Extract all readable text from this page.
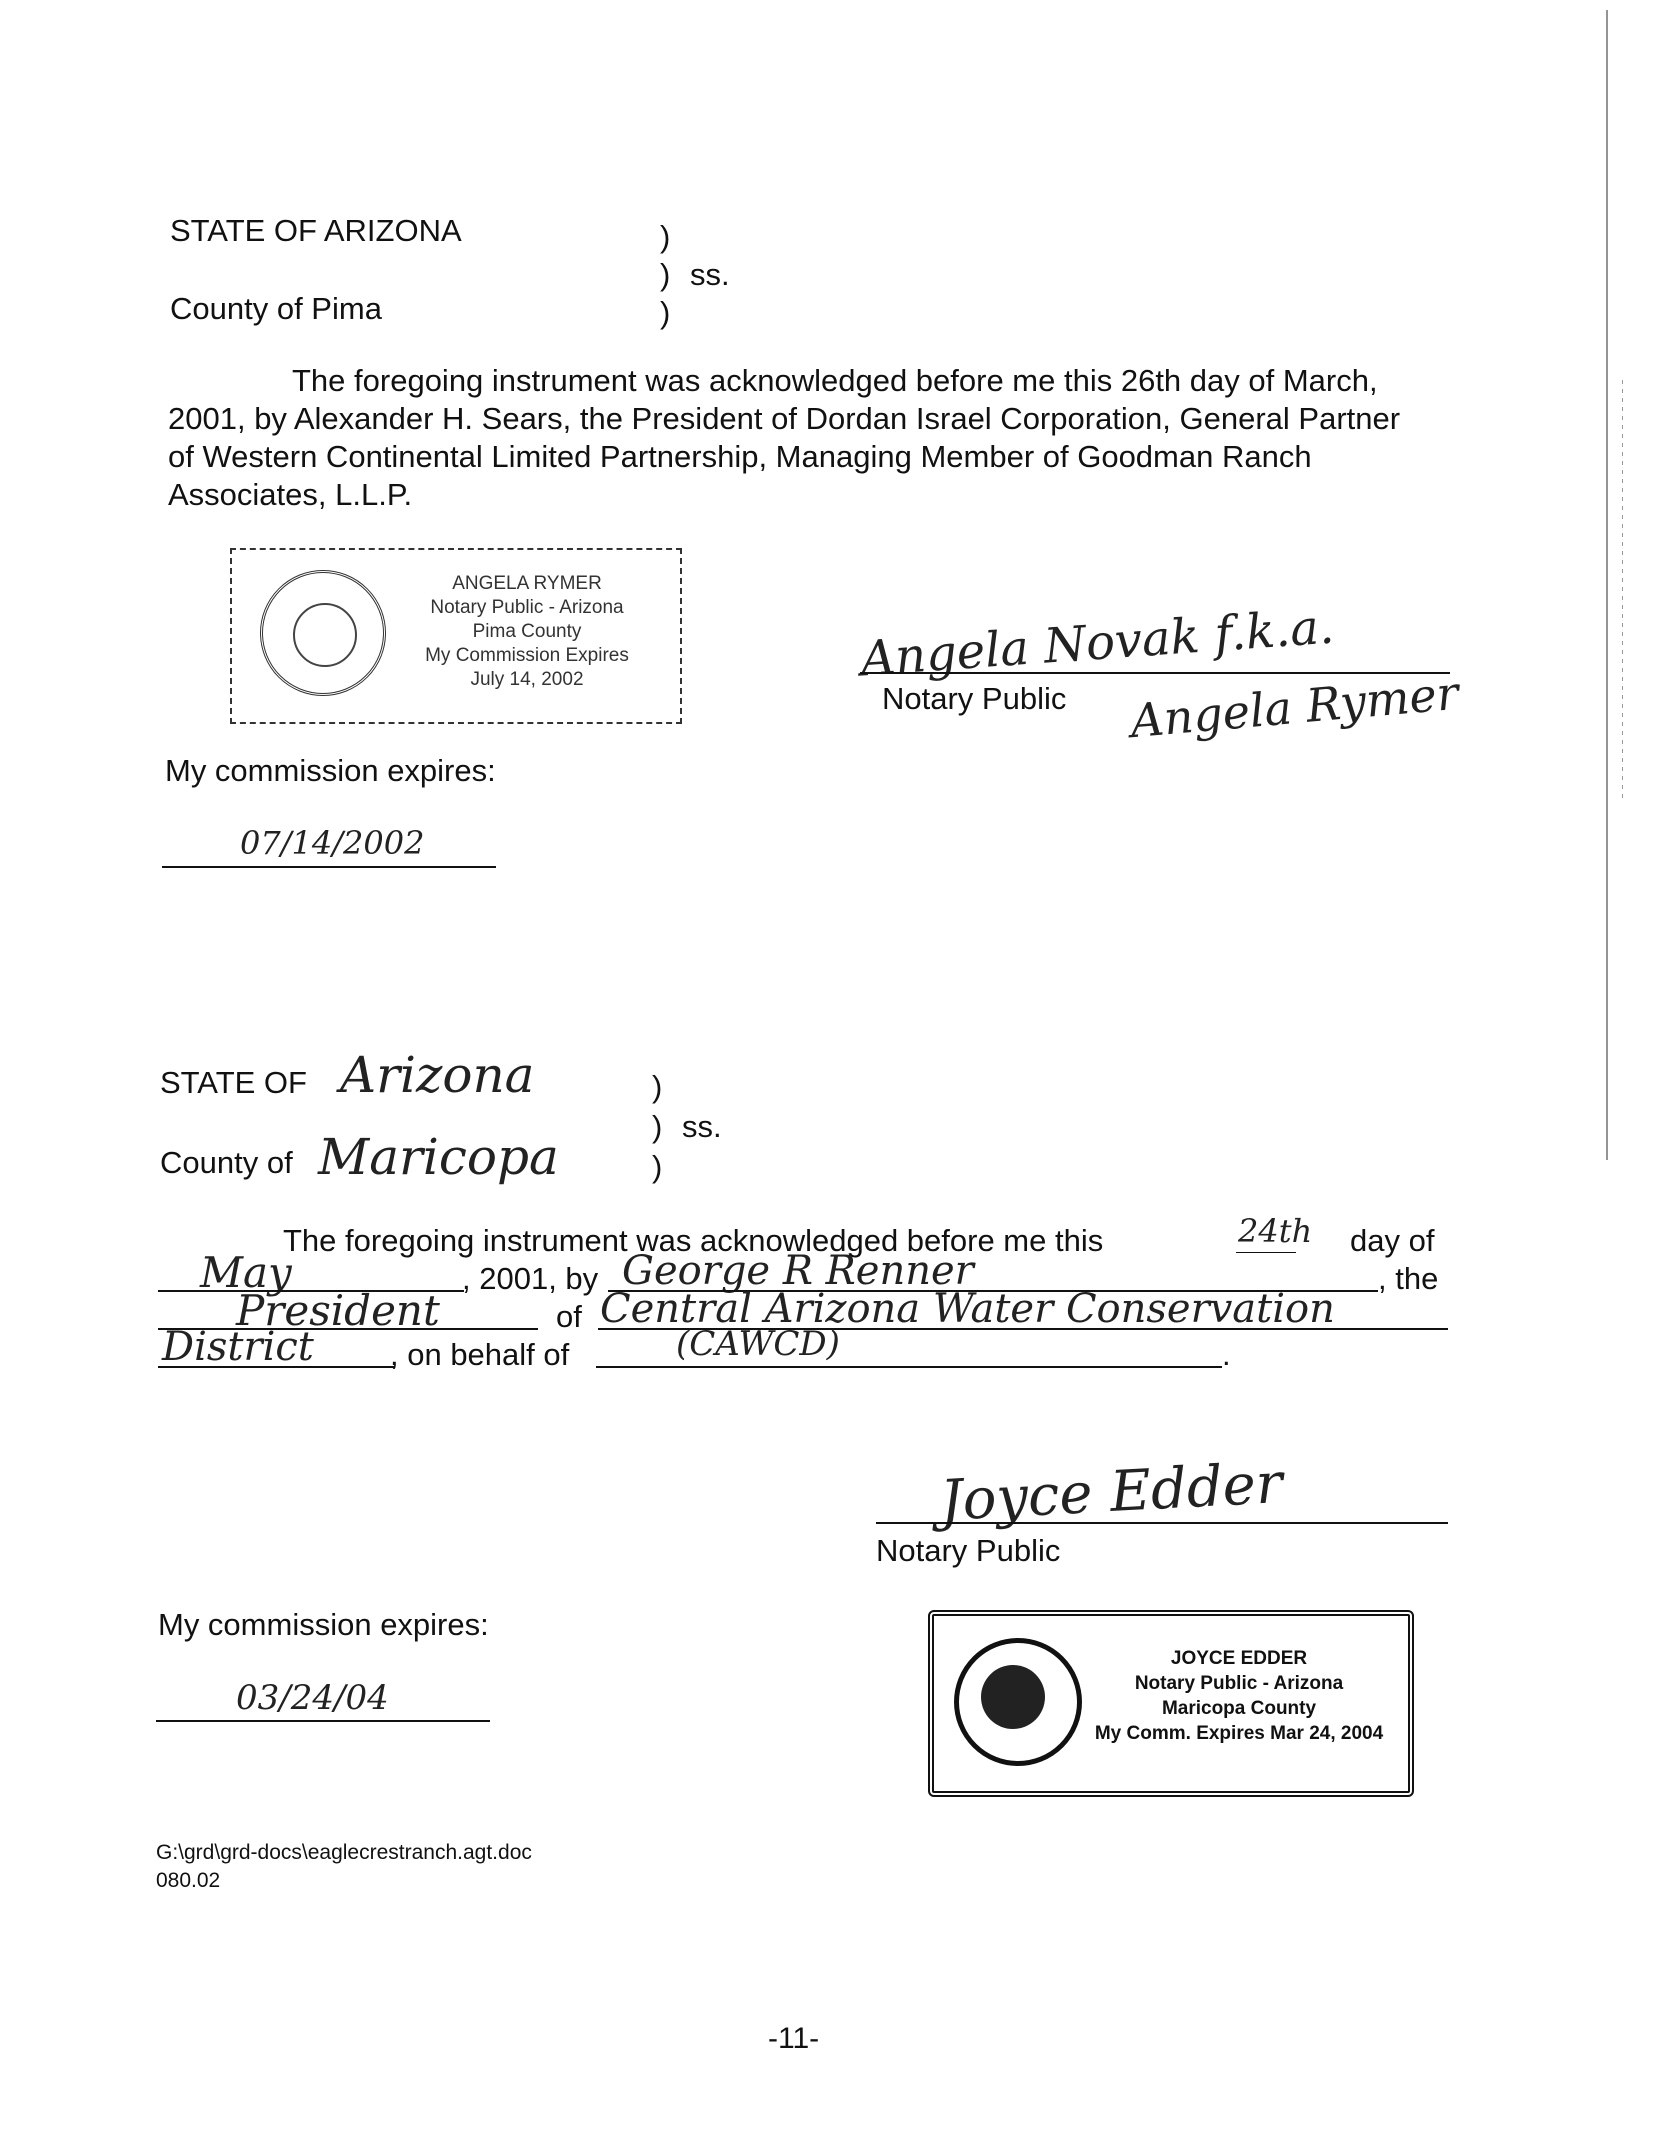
STATE OF ARIZONA	)
) ss.
)
County of Pima
The foregoing instrument was acknowledged before me this 26th day of March,
2001, by Alexander H. Sears, the President of Dordan Israel Corporation, General Partner
of Western Continental Limited Partnership, Managing Member of Goodman Ranch
Associates, L.L.P.
ANGELA RYMER
Notary Public - Arizona
Pima County
My Commission Expires
July 14, 2002	Angela Novak f.k.a.
Notary Public Angela Rymer
My commission expires:
07/14/2002
STATE OF Arizona	)
) ss.
)
County of Maricopa
The foregoing instrument was acknowledged before me this	24th day of
May	, 2001, by George R Renner	, the
President	of Central Arizona Water Conservation
District , on behalf of	(CAWCD)	.
Joyce Edder
Notary Public
My commission expires:
03/24/04
JOYCE EDDER
Notary Public - Arizona
Maricopa County
My Comm. Expires Mar 24, 2004
G:\grd\grd-docs\eaglecrestranch.agt.doc
080.02
-11-
